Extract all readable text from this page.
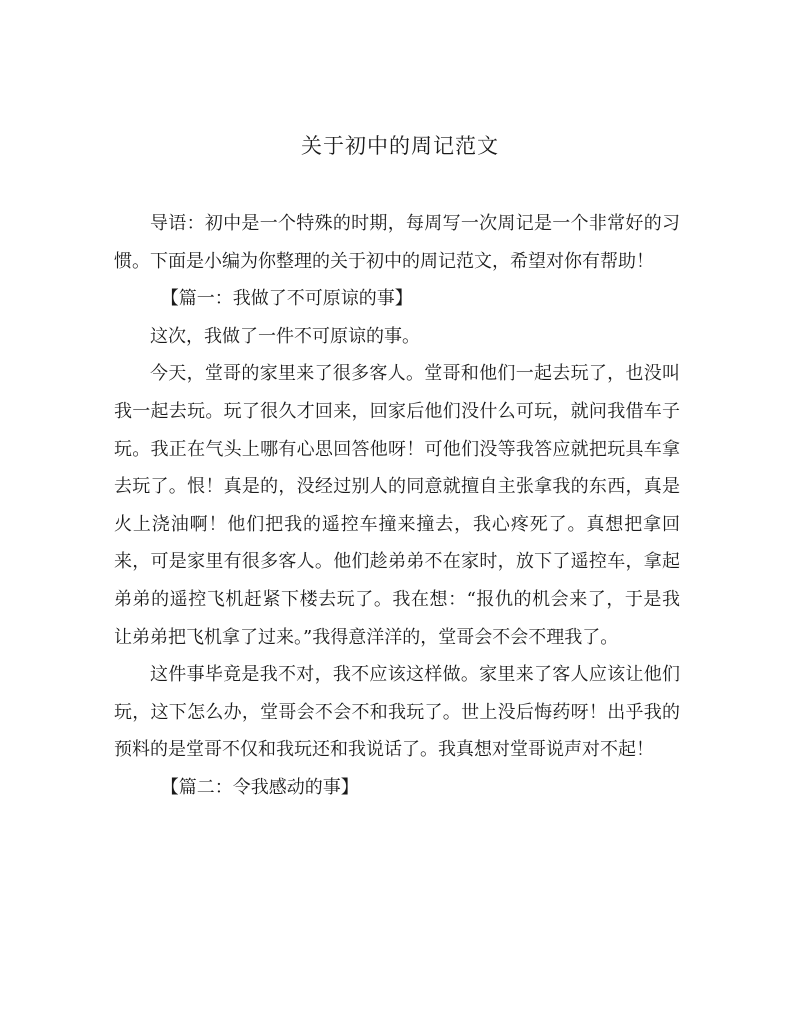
关于初中的周记范文

导语：初中是一个特殊的时期，每周写一次周记是一个非常好的习惯。下面是小编为你整理的关于初中的周记范文，希望对你有帮助！

【篇一：我做了不可原谅的事】

这次，我做了一件不可原谅的事。

今天，堂哥的家里来了很多客人。堂哥和他们一起去玩了，也没叫我一起去玩。玩了很久才回来，回家后他们没什么可玩，就问我借车子玩。我正在气头上哪有心思回答他呀！可他们没等我答应就把玩具车拿去玩了。恨！真是的，没经过别人的同意就擅自主张拿我的东西，真是火上浇油啊！他们把我的遥控车撞来撞去，我心疼死了。真想把拿回来，可是家里有很多客人。他们趁弟弟不在家时，放下了遥控车，拿起弟弟的遥控飞机赶紧下楼去玩了。我在想：“报仇的机会来了，于是我让弟弟把飞机拿了过来。”我得意洋洋的，堂哥会不会不理我了。

这件事毕竟是我不对，我不应该这样做。家里来了客人应该让他们玩，这下怎么办，堂哥会不会不和我玩了。世上没后悔药呀！出乎我的预料的是堂哥不仅和我玩还和我说话了。我真想对堂哥说声对不起！

【篇二：令我感动的事】
